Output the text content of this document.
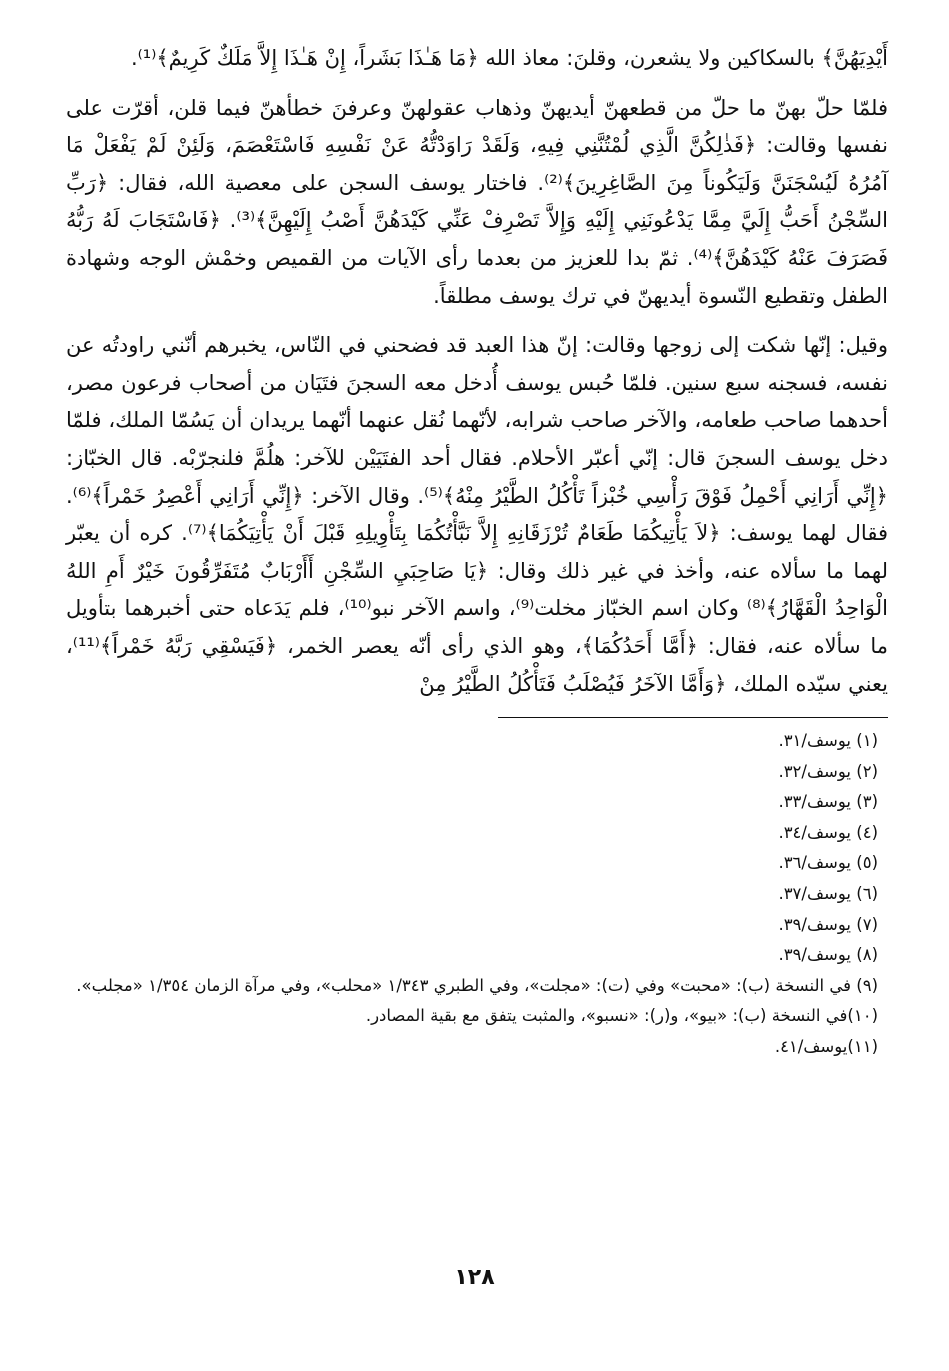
أَيْدِيَهُنَّ﴾ بالسكاكين ولا يشعرن، وقلنَ: معاذ الله ﴿مَا هَـٰذَا بَشَراً، إِنْ هَـٰذَا إِلاَّ مَلَكٌ كَرِيمٌ﴾⁽¹⁾.

فلمّا حلّ بهنّ ما حلّ من قطعهنّ أيديهنّ وذهاب عقولهنّ وعرفنَ خطأهنّ فيما قلن، أقرّت على نفسها وقالت: ﴿فَذٰلِكُنَّ الَّذِي لُمْتُنَّنِي فِيهِ، وَلَقَدْ رَاوَدْتُّهُ عَنْ نَفْسِهِ فَاسْتَعْصَمَ، وَلَئِنْ لَمْ يَفْعَلْ مَا آمُرُهُ لَيُسْجَنَنَّ وَلَيَكُوناً مِنَ الصَّاغِرِينَ﴾⁽²⁾. فاختار يوسف السجن على معصية الله، فقال: ﴿رَبِّ السِّجْنُ أَحَبُّ إِلَيَّ مِمَّا يَدْعُونَنِي إِلَيْهِ وَإِلاَّ تَصْرِفْ عَنِّي كَيْدَهُنَّ أَصْبُ إِلَيْهِنَّ﴾⁽³⁾. ﴿فَاسْتَجَابَ لَهُ رَبُّهُ فَصَرَفَ عَنْهُ كَيْدَهُنَّ﴾⁽⁴⁾. ثمّ بدا للعزيز من بعدما رأى الآيات من القميص وخمْش الوجه وشهادة الطفل وتقطيع النّسوة أيديهنّ في ترك يوسف مطلقاً.

وقيل: إنّها شكت إلى زوجها وقالت: إنّ هذا العبد قد فضحني في النّاس، يخبرهم أنّني راودتُه عن نفسه، فسجنه سبع سنين. فلمّا حُبس يوسف أُدخل معه السجنَ فتَيَان من أصحاب فرعون مصر، أحدهما صاحب طعامه، والآخر صاحب شرابه، لأنّهما نُقل عنهما أنّهما يريدان أن يَسُمّا الملك، فلمّا دخل يوسف السجنَ قال: إنّي أعبّر الأحلام. فقال أحد الفتَيَيْن للآخر: هلُمَّ فلنجرّبْه. قال الخبّاز: ﴿إِنِّي أَرَانِي أَحْمِلُ فَوْقَ رَأْسِي خُبْزاً تَأْكُلُ الطَّيْرُ مِنْهُ﴾⁽⁵⁾. وقال الآخر: ﴿إِنِّي أَرَانِي أَعْصِرُ خَمْراً﴾⁽⁶⁾. فقال لهما يوسف: ﴿لاَ يَأْتِيكُمَا طَعَامٌ تُرْزَقَانِهِ إِلاَّ نَبَّأْتُكُمَا بِتَأْوِيلِهِ قَبْلَ أَنْ يَأْتِيَكُمَا﴾⁽⁷⁾. كره أن يعبّر لهما ما سألاه عنه، وأخذ في غير ذلك وقال: ﴿يَا صَاحِبَيِ السِّجْنِ أَأَرْبَابٌ مُتَفَرِّقُونَ خَيْرٌ أَمِ اللهُ الْوَاحِدُ الْقَهَّارُ﴾⁽⁸⁾ وكان اسم الخبّاز مخلت⁽⁹⁾، واسم الآخر نبو⁽¹⁰⁾، فلم يَدَعاه حتى أخبرهما بتأويل ما سألاه عنه، فقال: ﴿أَمَّا أَحَدُكُمَا﴾، وهو الذي رأى أنّه يعصر الخمر، ﴿فَيَسْقِي رَبَّهُ خَمْراً﴾⁽¹¹⁾، يعني سيّده الملك، ﴿وَأَمَّا الآخَرُ فَيُصْلَبُ فَتَأْكُلُ الطَّيْرُ مِنْ

(١) يوسف/٣١.
(٢) يوسف/٣٢.
(٣) يوسف/٣٣.
(٤) يوسف/٣٤.
(٥) يوسف/٣٦.
(٦) يوسف/٣٧.
(٧) يوسف/٣٩.
(٨) يوسف/٣٩.
(٩) في النسخة (ب): «محبت» وفي (ت): «مجلت»، وفي الطبري ١/٣٤٣ «محلب»، وفي مرآة الزمان ١/٣٥٤ «مجلب».
(١٠)في النسخة (ب): «بيو»، و(ر): «نسبو»، والمثبت يتفق مع بقية المصادر.
(١١)يوسف/٤١.
١٢٨
